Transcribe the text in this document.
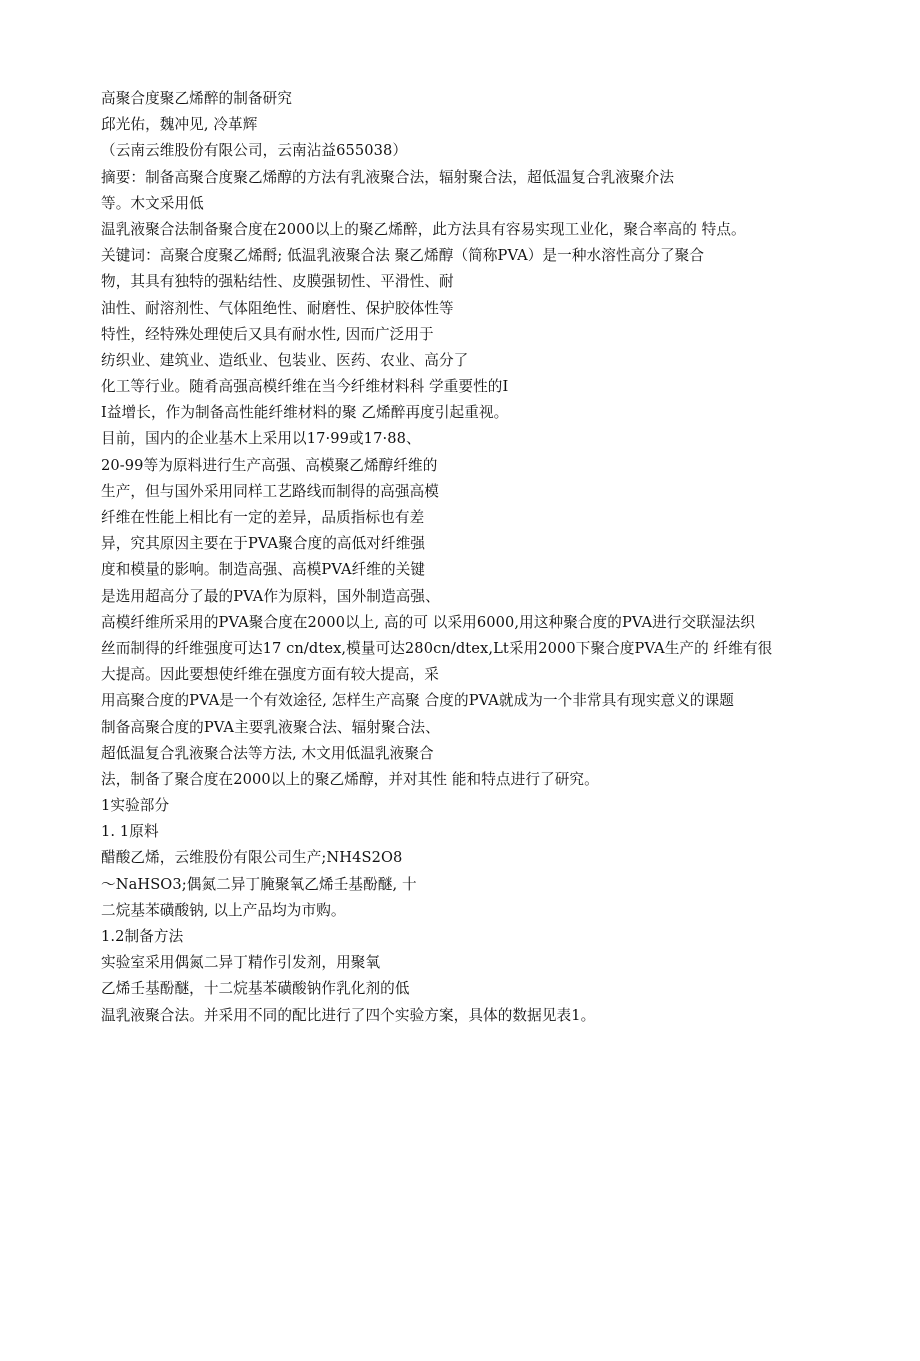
高聚合度聚乙烯醉的制备研究
邱光佑，魏冲见, 冷革辉
（云南云维股份有限公司，云南沾益655038）
摘要：制备高聚合度聚乙烯醇的方法有乳液聚合法，辐射聚合法，超低温复合乳液聚介法
等。木文采用低
温乳液聚合法制备聚合度在2000以上的聚乙烯醉，此方法具有容易实现工业化，聚合率高的 特点。
关键词：高聚合度聚乙烯酹; 低温乳液聚合法 聚乙烯醇（简称PVA）是一种水溶性高分了聚合
物，其具有独特的强粘结性、皮膜强韧性、平滑性、耐
油性、耐溶剂性、气体阻绝性、耐磨性、保护胶体性等
特性，经特殊处理使后又具有耐水性, 因而广泛用于
纺织业、建筑业、造纸业、包装业、医药、农业、高分了
化工等行业。随肴高强高模纤维在当今纤维材料科 学重要性的I
I益增长，作为制备高性能纤维材料的聚 乙烯醉再度引起重视。
目前，国内的企业基木上采用以17·99或17·88、
20-99等为原料进行生产高强、高模聚乙烯醇纤维的
生产，但与国外采用同样工艺路线而制得的高强高模
纤维在性能上相比有一定的差异，品质指标也有差
异，究其原因主要在于PVA聚合度的高低对纤维强
度和模量的影响。制造高强、高模PVA纤维的关键
是选用超高分了最的PVA作为原料，国外制造高强、
高模纤维所采用的PVA聚合度在2000以上, 高的可 以采用6000,用这种聚合度的PVA进行交联湿法织
丝而制得的纤维强度可达17 cn/dtex,模量可达280cn/dtex,Lt采用2000下聚合度PVA生产的 纤维有很
大提高。因此要想使纤维在强度方面有较大提高，采
用高聚合度的PVA是一个有效途径, 怎样生产高聚 合度的PVA就成为一个非常具有现实意义的课题
制备高聚合度的PVA主要乳液聚合法、辐射聚合法、
超低温复合乳液聚合法等方法, 木文用低温乳液聚合
法，制备了聚合度在2000以上的聚乙烯醇，并对其性 能和特点进行了研究。
1实验部分
1. 1原料
醋酸乙烯，云维股份有限公司生产;NH4S2O8
～NaHSO3;偶氮二异丁腌聚氧乙烯壬基酚醚, 十
二烷基苯磺酸钠, 以上产品均为市购。
1.2制备方法
实验室采用偶氮二异丁精作引发剂，用聚氧
乙烯壬基酚醚，十二烷基苯磺酸钠作乳化剂的低
温乳液聚合法。并采用不同的配比进行了四个实验方案，具体的数据见表1。
